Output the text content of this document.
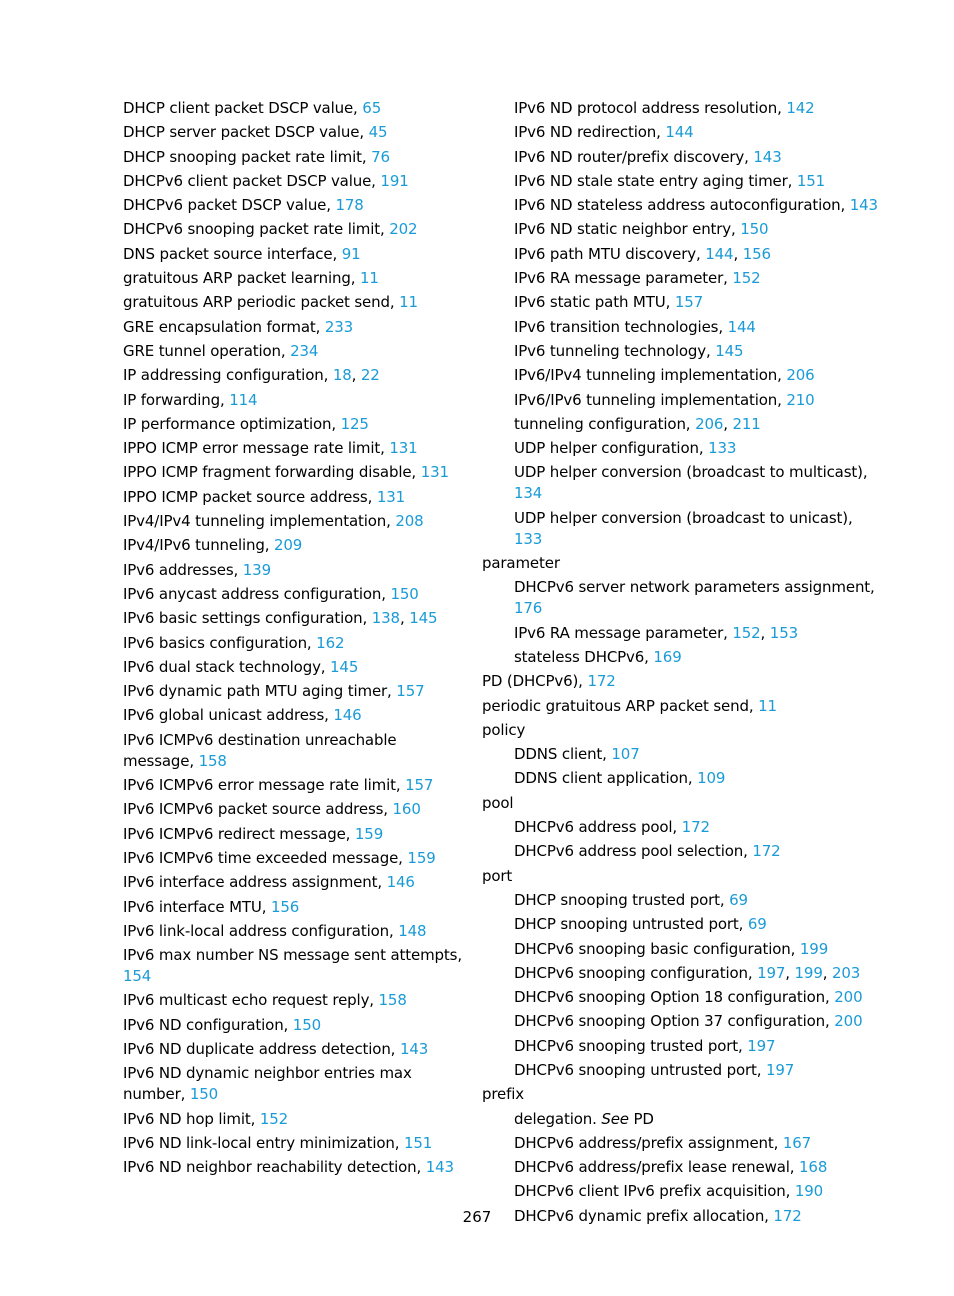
DHCP client packet DSCP value, 65
DHCP server packet DSCP value, 45
DHCP snooping packet rate limit, 76
DHCPv6 client packet DSCP value, 191
DHCPv6 packet DSCP value, 178
DHCPv6 snooping packet rate limit, 202
DNS packet source interface, 91
gratuitous ARP packet learning, 11
gratuitous ARP periodic packet send, 11
GRE encapsulation format, 233
GRE tunnel operation, 234
IP addressing configuration, 18, 22
IP forwarding, 114
IP performance optimization, 125
IPPO ICMP error message rate limit, 131
IPPO ICMP fragment forwarding disable, 131
IPPO ICMP packet source address, 131
IPv4/IPv4 tunneling implementation, 208
IPv4/IPv6 tunneling, 209
IPv6 addresses, 139
IPv6 anycast address configuration, 150
IPv6 basic settings configuration, 138, 145
IPv6 basics configuration, 162
IPv6 dual stack technology, 145
IPv6 dynamic path MTU aging timer, 157
IPv6 global unicast address, 146
IPv6 ICMPv6 destination unreachable message, 158
IPv6 ICMPv6 error message rate limit, 157
IPv6 ICMPv6 packet source address, 160
IPv6 ICMPv6 redirect message, 159
IPv6 ICMPv6 time exceeded message, 159
IPv6 interface address assignment, 146
IPv6 interface MTU, 156
IPv6 link-local address configuration, 148
IPv6 max number NS message sent attempts, 154
IPv6 multicast echo request reply, 158
IPv6 ND configuration, 150
IPv6 ND duplicate address detection, 143
IPv6 ND dynamic neighbor entries max number, 150
IPv6 ND hop limit, 152
IPv6 ND link-local entry minimization, 151
IPv6 ND neighbor reachability detection, 143
IPv6 ND protocol address resolution, 142
IPv6 ND redirection, 144
IPv6 ND router/prefix discovery, 143
IPv6 ND stale state entry aging timer, 151
IPv6 ND stateless address autoconfiguration, 143
IPv6 ND static neighbor entry, 150
IPv6 path MTU discovery, 144, 156
IPv6 RA message parameter, 152
IPv6 static path MTU, 157
IPv6 transition technologies, 144
IPv6 tunneling technology, 145
IPv6/IPv4 tunneling implementation, 206
IPv6/IPv6 tunneling implementation, 210
tunneling configuration, 206, 211
UDP helper configuration, 133
UDP helper conversion (broadcast to multicast), 134
UDP helper conversion (broadcast to unicast), 133
parameter
DHCPv6 server network parameters assignment, 176
IPv6 RA message parameter, 152, 153
stateless DHCPv6, 169
PD (DHCPv6), 172
periodic gratuitous ARP packet send, 11
policy
DDNS client, 107
DDNS client application, 109
pool
DHCPv6 address pool, 172
DHCPv6 address pool selection, 172
port
DHCP snooping trusted port, 69
DHCP snooping untrusted port, 69
DHCPv6 snooping basic configuration, 199
DHCPv6 snooping configuration, 197, 199, 203
DHCPv6 snooping Option 18 configuration, 200
DHCPv6 snooping Option 37 configuration, 200
DHCPv6 snooping trusted port, 197
DHCPv6 snooping untrusted port, 197
prefix
delegation. See PD
DHCPv6 address/prefix assignment, 167
DHCPv6 address/prefix lease renewal, 168
DHCPv6 client IPv6 prefix acquisition, 190
DHCPv6 dynamic prefix allocation, 172
267
